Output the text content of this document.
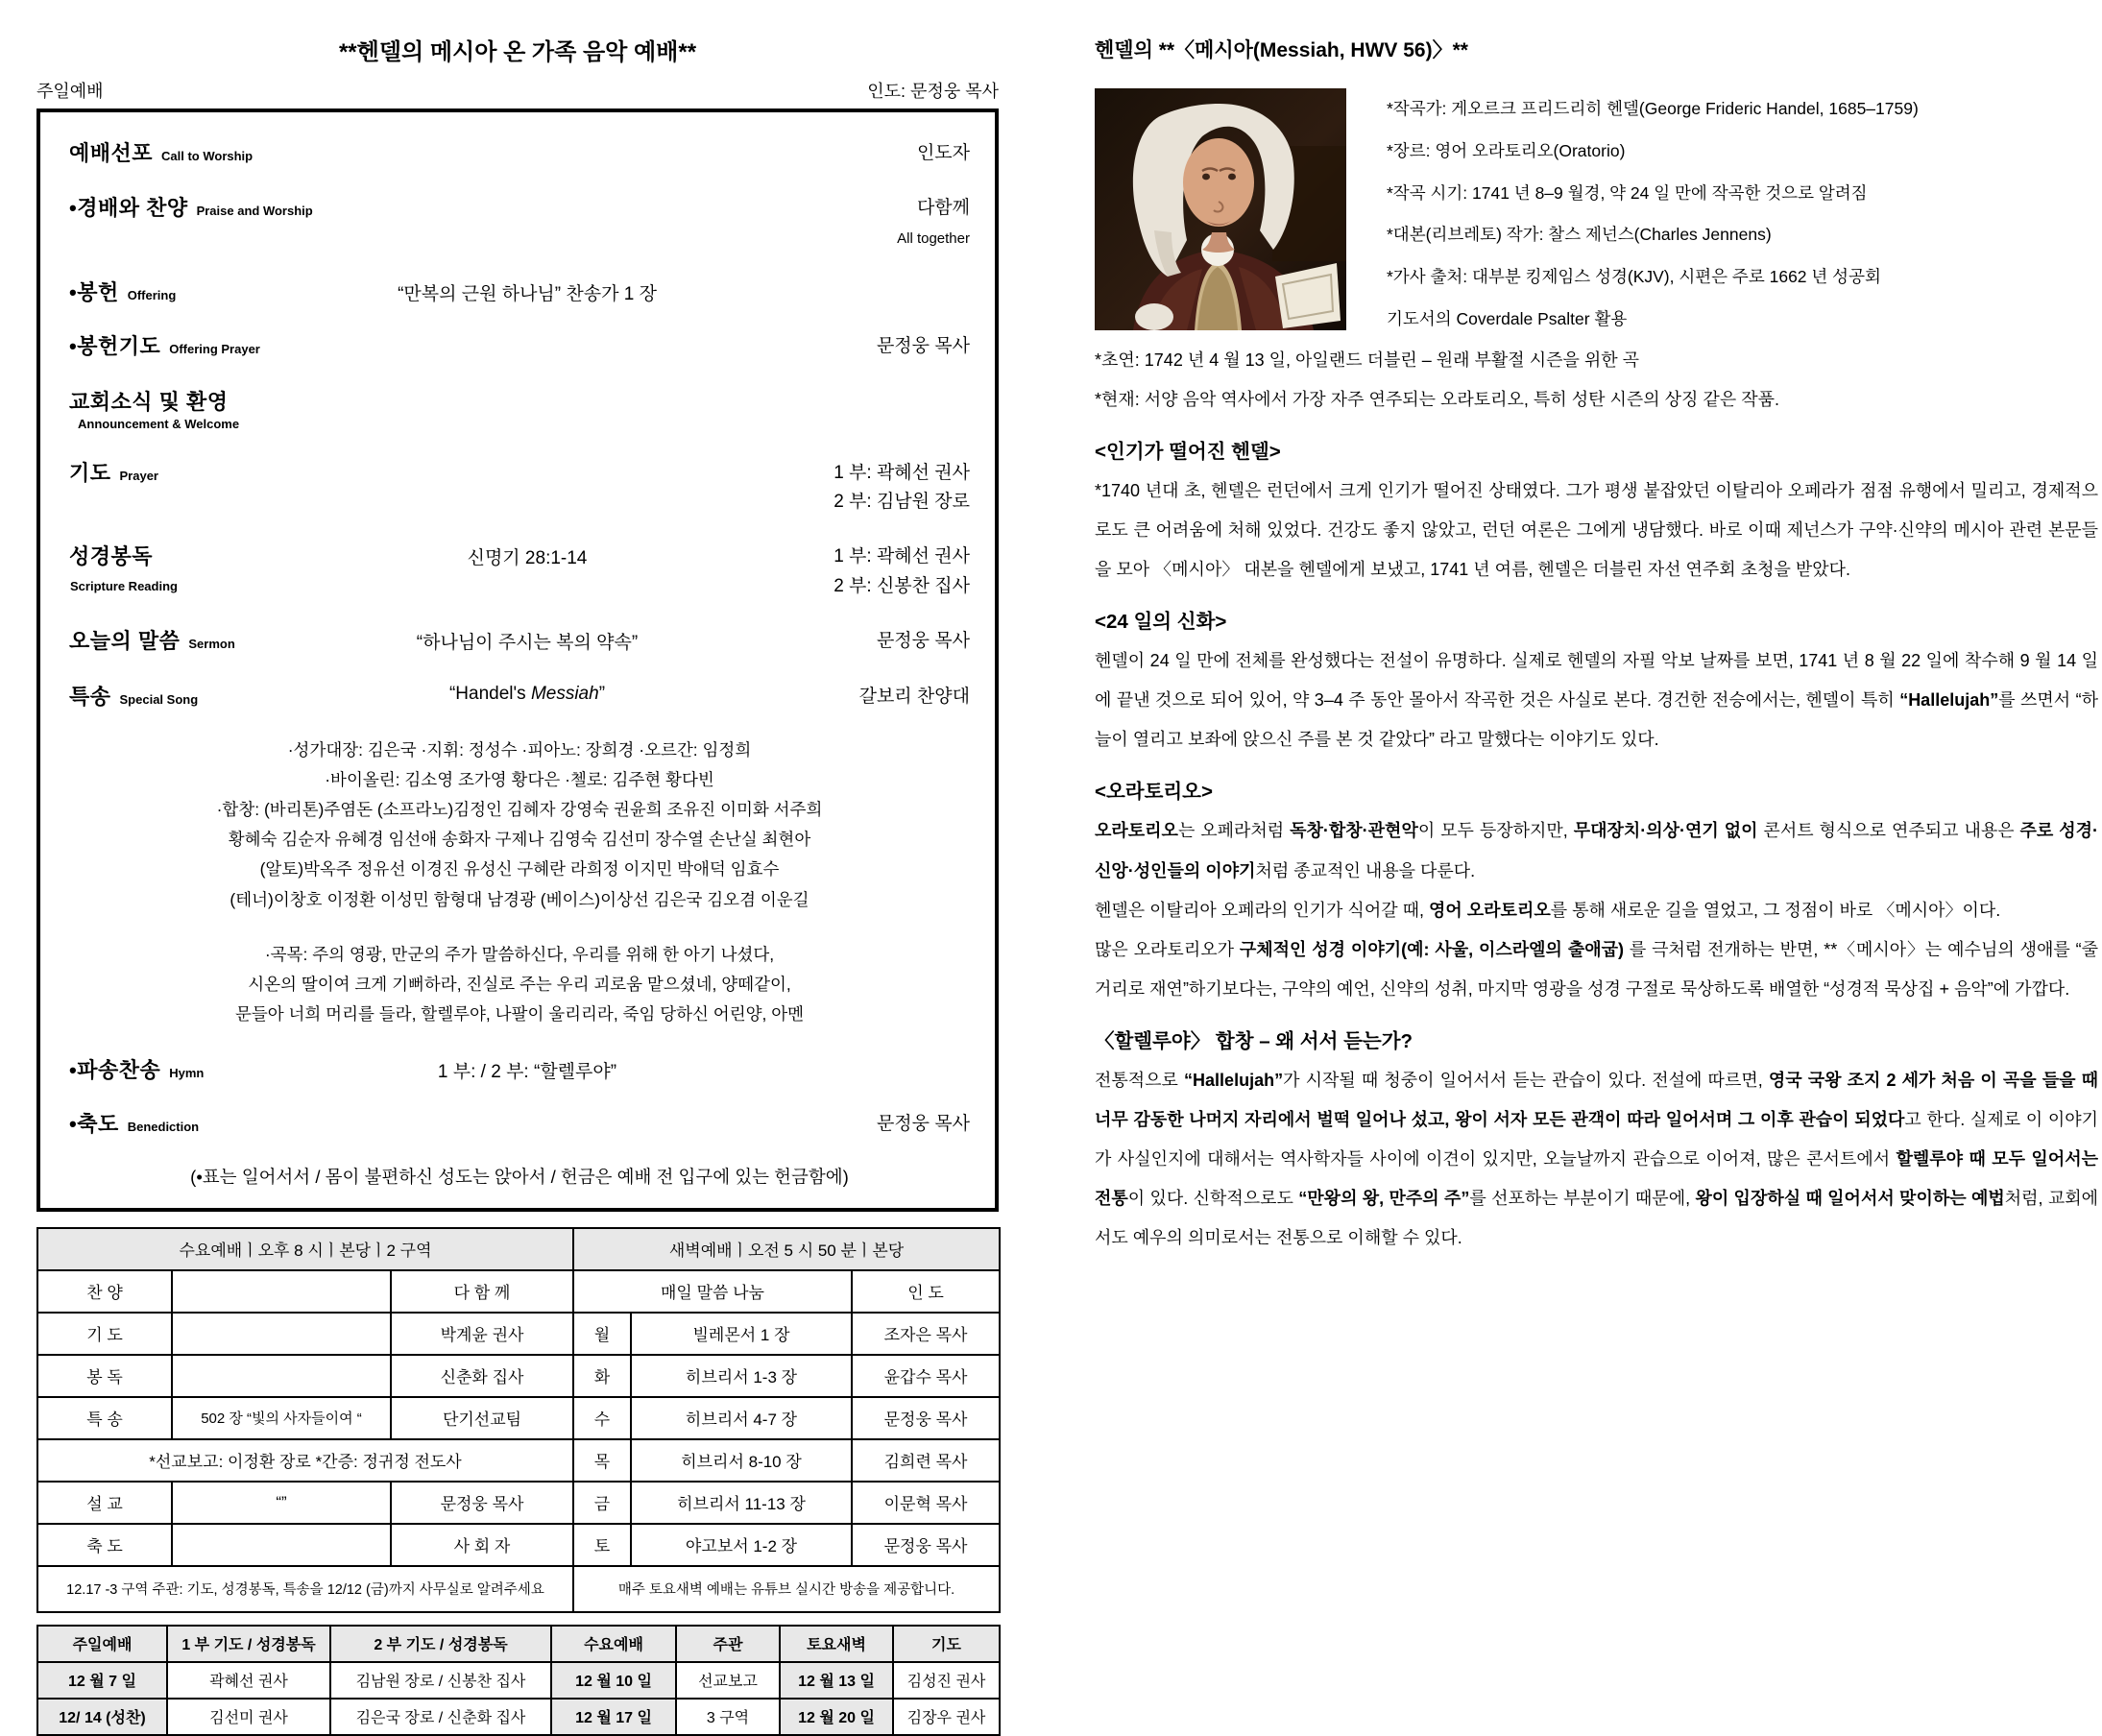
**헨델의 메시아 온 가족 음악 예배**
주일예배	인도: 문정웅 목사
예배선포 Call to Worship	인도자
•경배와 찬양 Praise and Worship	다함께
All together
•봉헌 Offering	“만복의 근원 하나님” 찬송가 1 장
•봉헌기도 Offering Prayer	문정웅 목사
교회소식 및 환영Announcement & Welcome
기도 Prayer	1 부: 곽혜선 권사
2 부: 김남원 장로
성경봉독
Scripture Reading
신명기 28:1-14	1 부: 곽혜선 권사
2 부: 신봉찬 집사
오늘의 말씀 Sermon	“하나님이 주시는 복의 약속”	문정웅 목사
특송 Special Song	“Handel's Messiah”	갈보리 찬양대
·성가대장: 김은국 ·지휘: 정성수 ·피아노: 장희경 ·오르간: 임정희
·바이올린: 김소영 조가영 황다은 ·첼로: 김주현 황다빈
·합창: (바리톤)주염돈 (소프라노)김정인 김혜자 강영숙 권윤희 조유진 이미화 서주희
황혜숙 김순자 유혜경 임선애 송화자 구제나 김영숙 김선미 장수열 손난실 최현아
(알토)박옥주 정유선 이경진 유성신 구혜란 라희정 이지민 박애덕 임효수
(테너)이창호 이정환 이성민 함형대 남경광 (베이스)이상선 김은국 김오겸 이운길
·곡목: 주의 영광, 만군의 주가 말씀하신다, 우리를 위해 한 아기 나셨다,
시온의 딸이여 크게 기뻐하라, 진실로 주는 우리 괴로움 맡으셨네, 양떼같이,
문들아 너희 머리를 들라, 할렐루야, 나팔이 울리리라, 죽임 당하신 어린양, 아멘
•파송찬송 Hymn	1 부: / 2 부: “할렐루야”
•축도 Benediction	문정웅 목사
(•표는 일어서서 / 몸이 불편하신 성도는 앉아서 / 헌금은 예배 전 입구에 있는 헌금함에)
수요예배ㅣ오후 8 시ㅣ본당ㅣ2 구역		
찬 양		다 함 께
기 도		박계윤 권사
봉 독		신춘화 집사
특 송	502 장 “빛의 사자들이여 “	단기선교팀
*선교보고: 이정환 장로 *간증: 정귀정 전도사		
설 교	“”	문정웅 목사
축 도		사 회 자
12.17 -3 구역 주관: 기도, 성경봉독, 특송을 12/12 (금)까지 사무실로 알려주세요		
새벽예배ㅣ오전 5 시 50 분ㅣ본당		
매일 말씀 나눔		인 도
월	빌레몬서 1 장	조자은 목사
화	히브리서 1-3 장	윤갑수 목사
수	히브리서 4-7 장	문정웅 목사
목	히브리서 8-10 장	김희련 목사
금	히브리서 11-13 장	이문혁 목사
토	야고보서 1-2 장	문정웅 목사
매주 토요새벽 예배는 유튜브 실시간 방송을 제공합니다.		
주일예배	1 부 기도 / 성경봉독	2 부 기도 / 성경봉독	수요예배	주관	토요새벽	기도
12 월 7 일	곽혜선 권사	김남원 장로 / 신봉찬 집사	12 월 10 일	선교보고	12 월 13 일	김성진 권사
12/ 14 (성찬)	김선미 권사	김은국 장로 / 신춘화 집사	12 월 17 일	3 구역	12 월 20 일	김장우 권사
헨델의 **〈메시아(Messiah, HWV 56)〉**
*작곡가: 게오르크 프리드리히 헨델(George Frideric Handel, 1685–1759)
*장르: 영어 오라토리오(Oratorio)
*작곡 시기: 1741 년 8–9 월경, 약 24 일 만에 작곡한 것으로 알려짐
*대본(리브레토) 작가: 찰스 제넌스(Charles Jennens)
*가사 출처: 대부분 킹제임스 성경(KJV), 시편은 주로 1662 년 성공회
기도서의 Coverdale Psalter 활용
*초연: 1742 년 4 월 13 일, 아일랜드 더블린 – 원래 부활절 시즌을 위한 곡
*현재: 서양 음악 역사에서 가장 자주 연주되는 오라토리오, 특히 성탄 시즌의 상징 같은 작품.
<인기가 떨어진 헨델>
*1740 년대 초, 헨델은 런던에서 크게 인기가 떨어진 상태였다. 그가 평생 붙잡았던 이탈리아 오페라가 점점 유행에서 밀리고, 경제적으로도 큰 어려움에 처해 있었다. 건강도 좋지 않았고, 런던 여론은 그에게 냉담했다. 바로 이때 제넌스가 구약·신약의 메시아 관련 본문들을 모아 〈메시아〉 대본을 헨델에게 보냈고, 1741 년 여름, 헨델은 더블린 자선 연주회 초청을 받았다.
<24 일의 신화>
헨델이 24 일 만에 전체를 완성했다는 전설이 유명하다. 실제로 헨델의 자필 악보 날짜를 보면, 1741 년 8 월 22 일에 착수해 9 월 14 일에 끝낸 것으로 되어 있어, 약 3–4 주 동안 몰아서 작곡한 것은 사실로 본다. 경건한 전승에서는, 헨델이 특히 “Hallelujah”를 쓰면서 “하늘이 열리고 보좌에 앉으신 주를 본 것 같았다” 라고 말했다는 이야기도 있다.
<오라토리오>
오라토리오는 오페라처럼 독창·합창·관현악이 모두 등장하지만, 무대장치·의상·연기 없이 콘서트 형식으로 연주되고 내용은 주로 성경·신앙·성인들의 이야기처럼 종교적인 내용을 다룬다.
헨델은 이탈리아 오페라의 인기가 식어갈 때, 영어 오라토리오를 통해 새로운 길을 열었고, 그 정점이 바로 〈메시아〉이다.
많은 오라토리오가 구체적인 성경 이야기(예: 사울, 이스라엘의 출애굽) 를 극처럼 전개하는 반면, **〈메시아〉는 예수님의 생애를 “줄거리로 재연”하기보다는, 구약의 예언, 신약의 성취, 마지막 영광을 성경 구절로 묵상하도록 배열한 “성경적 묵상집 + 음악”에 가깝다.
〈할렐루야〉 합창 – 왜 서서 듣는가?
전통적으로 “Hallelujah”가 시작될 때 청중이 일어서서 듣는 관습이 있다. 전설에 따르면, 영국 국왕 조지 2 세가 처음 이 곡을 들을 때 너무 감동한 나머지 자리에서 벌떡 일어나 섰고, 왕이 서자 모든 관객이 따라 일어서며 그 이후 관습이 되었다고 한다. 실제로 이 이야기가 사실인지에 대해서는 역사학자들 사이에 이견이 있지만, 오늘날까지 관습으로 이어져, 많은 콘서트에서 할렐루야 때 모두 일어서는 전통이 있다. 신학적으로도 “만왕의 왕, 만주의 주”를 선포하는 부분이기 때문에, 왕이 입장하실 때 일어서서 맞이하는 예법처럼, 교회에서도 예우의 의미로서는 전통으로 이해할 수 있다.
